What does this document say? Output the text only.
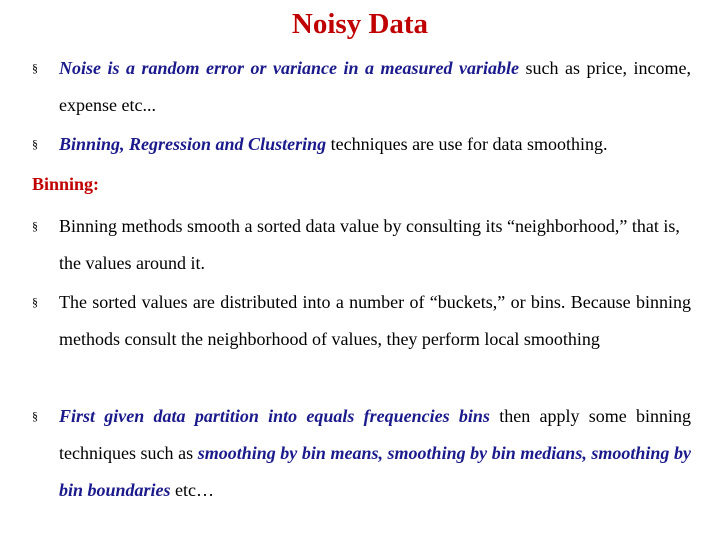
Noisy Data
§ Noise is a random error or variance in a measured variable such as price, income, expense etc...
§ Binning, Regression and Clustering techniques are use for data smoothing.
Binning:
§ Binning methods smooth a sorted data value by consulting its “neighborhood,” that is, the values around it.
§ The sorted values are distributed into a number of “buckets,” or bins. Because binning methods consult the neighborhood of values, they perform local smoothing
§ First given data partition into equals frequencies bins then apply some binning techniques such as smoothing by bin means, smoothing by bin medians, smoothing by bin boundaries etc…
